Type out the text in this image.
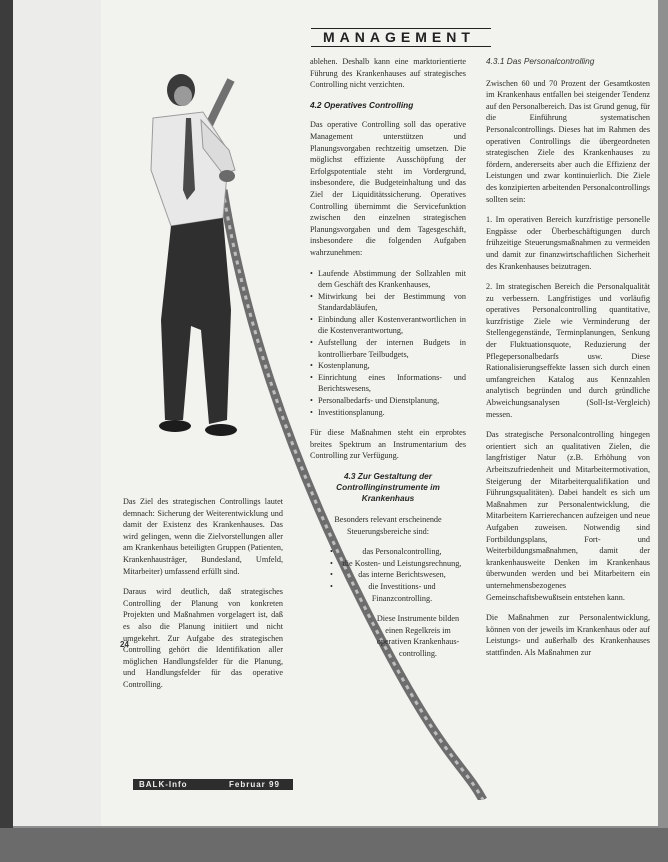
MANAGEMENT

Das Ziel des strategischen Controllings lautet demnach: Sicherung der Weiterentwicklung und damit der Existenz des Krankenhauses. Das wird gelingen, wenn die Zielvorstellungen aller am Krankenhaus beteiligten Gruppen (Patienten, Krankenhausträger, Bundesland, Umfeld, Mitarbeiter) umfassend erfüllt sind.

Daraus wird deutlich, daß strategisches Controlling der Planung von konkreten Projekten und Maßnahmen vorgelagert ist, daß es also die Planung initiiert und nicht umgekehrt. Zur Aufgabe des strategischen Controlling gehört die Identifikation aller möglichen Handlungsfelder für die Planung, und Handlungsfelder für das operative Controlling.

ablehen. Deshalb kann eine marktorientierte Führung des Krankenhauses auf strategisches Controlling nicht verzichten.

4.2 Operatives Controlling

Das operative Controlling soll das operative Management unterstützen und Planungsvorgaben rechtzeitig umsetzen. Die möglichst effiziente Ausschöpfung der Erfolgspotentiale steht im Vordergrund, insbesondere, die Budgeteinhaltung und das Ziel der Liquiditätssicherung. Operatives Controlling übernimmt die Servicefunktion zwischen den einzelnen strategischen Planungsvorgaben und dem Tagesgeschäft, insbesondere die folgenden Aufgaben wahrzunehmen:

• Laufende Abstimmung der Sollzahlen mit dem Geschäft des Krankenhauses,
• Mitwirkung bei der Bestimmung von Standardabläufen,
• Einbindung aller Kostenverantwortlichen in die Kostenverantwortung,
• Aufstellung der internen Budgets in kontrollierbare Teilbudgets,
• Kostenplanung,
• Einrichtung eines Informations- und Berichtswesens,
• Personalbedarfs- und Dienstplanung,
• Investitionsplanung.

Für diese Maßnahmen steht ein erprobtes breites Spektrum an Instrumentarium des Controlling zur Verfügung.

4.3 Zur Gestaltung der Controllinginstrumente im Krankenhaus

Besonders relevant erscheinende Steuerungsbereiche sind:

• das Personalcontrolling,
• die Kosten- und Leistungsrechnung,
• das interne Berichtswesen,
• die Investitions- und Finanzcontrolling.

Diese Instrumente bilden einen Regelkreis im operativen Krankenhaus-controlling.

4.3.1 Das Personalcontrolling

Zwischen 60 und 70 Prozent der Gesamtkosten im Krankenhaus entfallen bei steigender Tendenz auf den Personalbereich. Das ist Grund genug, für die Einführung systematischen Personalcontrollings. Dieses hat im Rahmen des operativen Controllings die übergeordneten strategischen Ziele des Krankenhauses zu fördern, andererseits aber auch die Effizienz der Leistungen und zwar kontinuierlich. Die Ziele des konzipierten arbeitenden Personalcontrollings sollten sein:

1. Im operativen Bereich kurzfristige personelle Engpässe oder Überbeschäftigungen durch frühzeitige Steuerungsmaßnahmen zu vermeiden und damit zur finanzwirtschaftlichen Sicherheit des Krankenhauses beizutragen.

2. Im strategischen Bereich die Personalqualität zu verbessern. Langfristiges und vorläufig operatives Personalcontrolling quantitative, kurzfristige Ziele wie Verminderung der Stellengegenstände, Terminplanungen, Senkung der Fluktuationsquote, Reduzierung der Pflegepersonalbedarfs usw. Diese Rationalisierungseffekte lassen sich durch einen umfangreichen Katalog aus Kennzahlen analytisch begründen und durch gründliche Abweichungsanalysen (Soll-Ist-Vergleich) messen.

Das strategische Personalcontrolling hingegen orientiert sich an qualitativen Zielen, die langfristiger Natur (z.B. Erhöhung von Arbeitszufriedenheit und Mitarbeitermotivation, Steigerung der Mitarbeiterqualifikation und Führungsqualitäten). Dabei handelt es sich um Maßnahmen zur Personalentwicklung, die Mitarbeitern Karrierechancen aufzeigen und neue Aufgaben zuweisen. Notwendig sind Fortbildungsplans, Fort- und Weiterbildungsmaßnahmen, damit der krankenhausweite Denken im Krankenhaus überwunden werden und bei Mitarbeitern ein unternehmensbezogenes Gemeinschaftsbewußtsein entstehen kann.

Die Maßnahmen zur Personalentwicklung, können von der jeweils im Krankenhaus oder auf Leistungs- und außerhalb des Krankenhauses stattfinden. Als Maßnahmen zur

24
BALK-Info	Februar 99
